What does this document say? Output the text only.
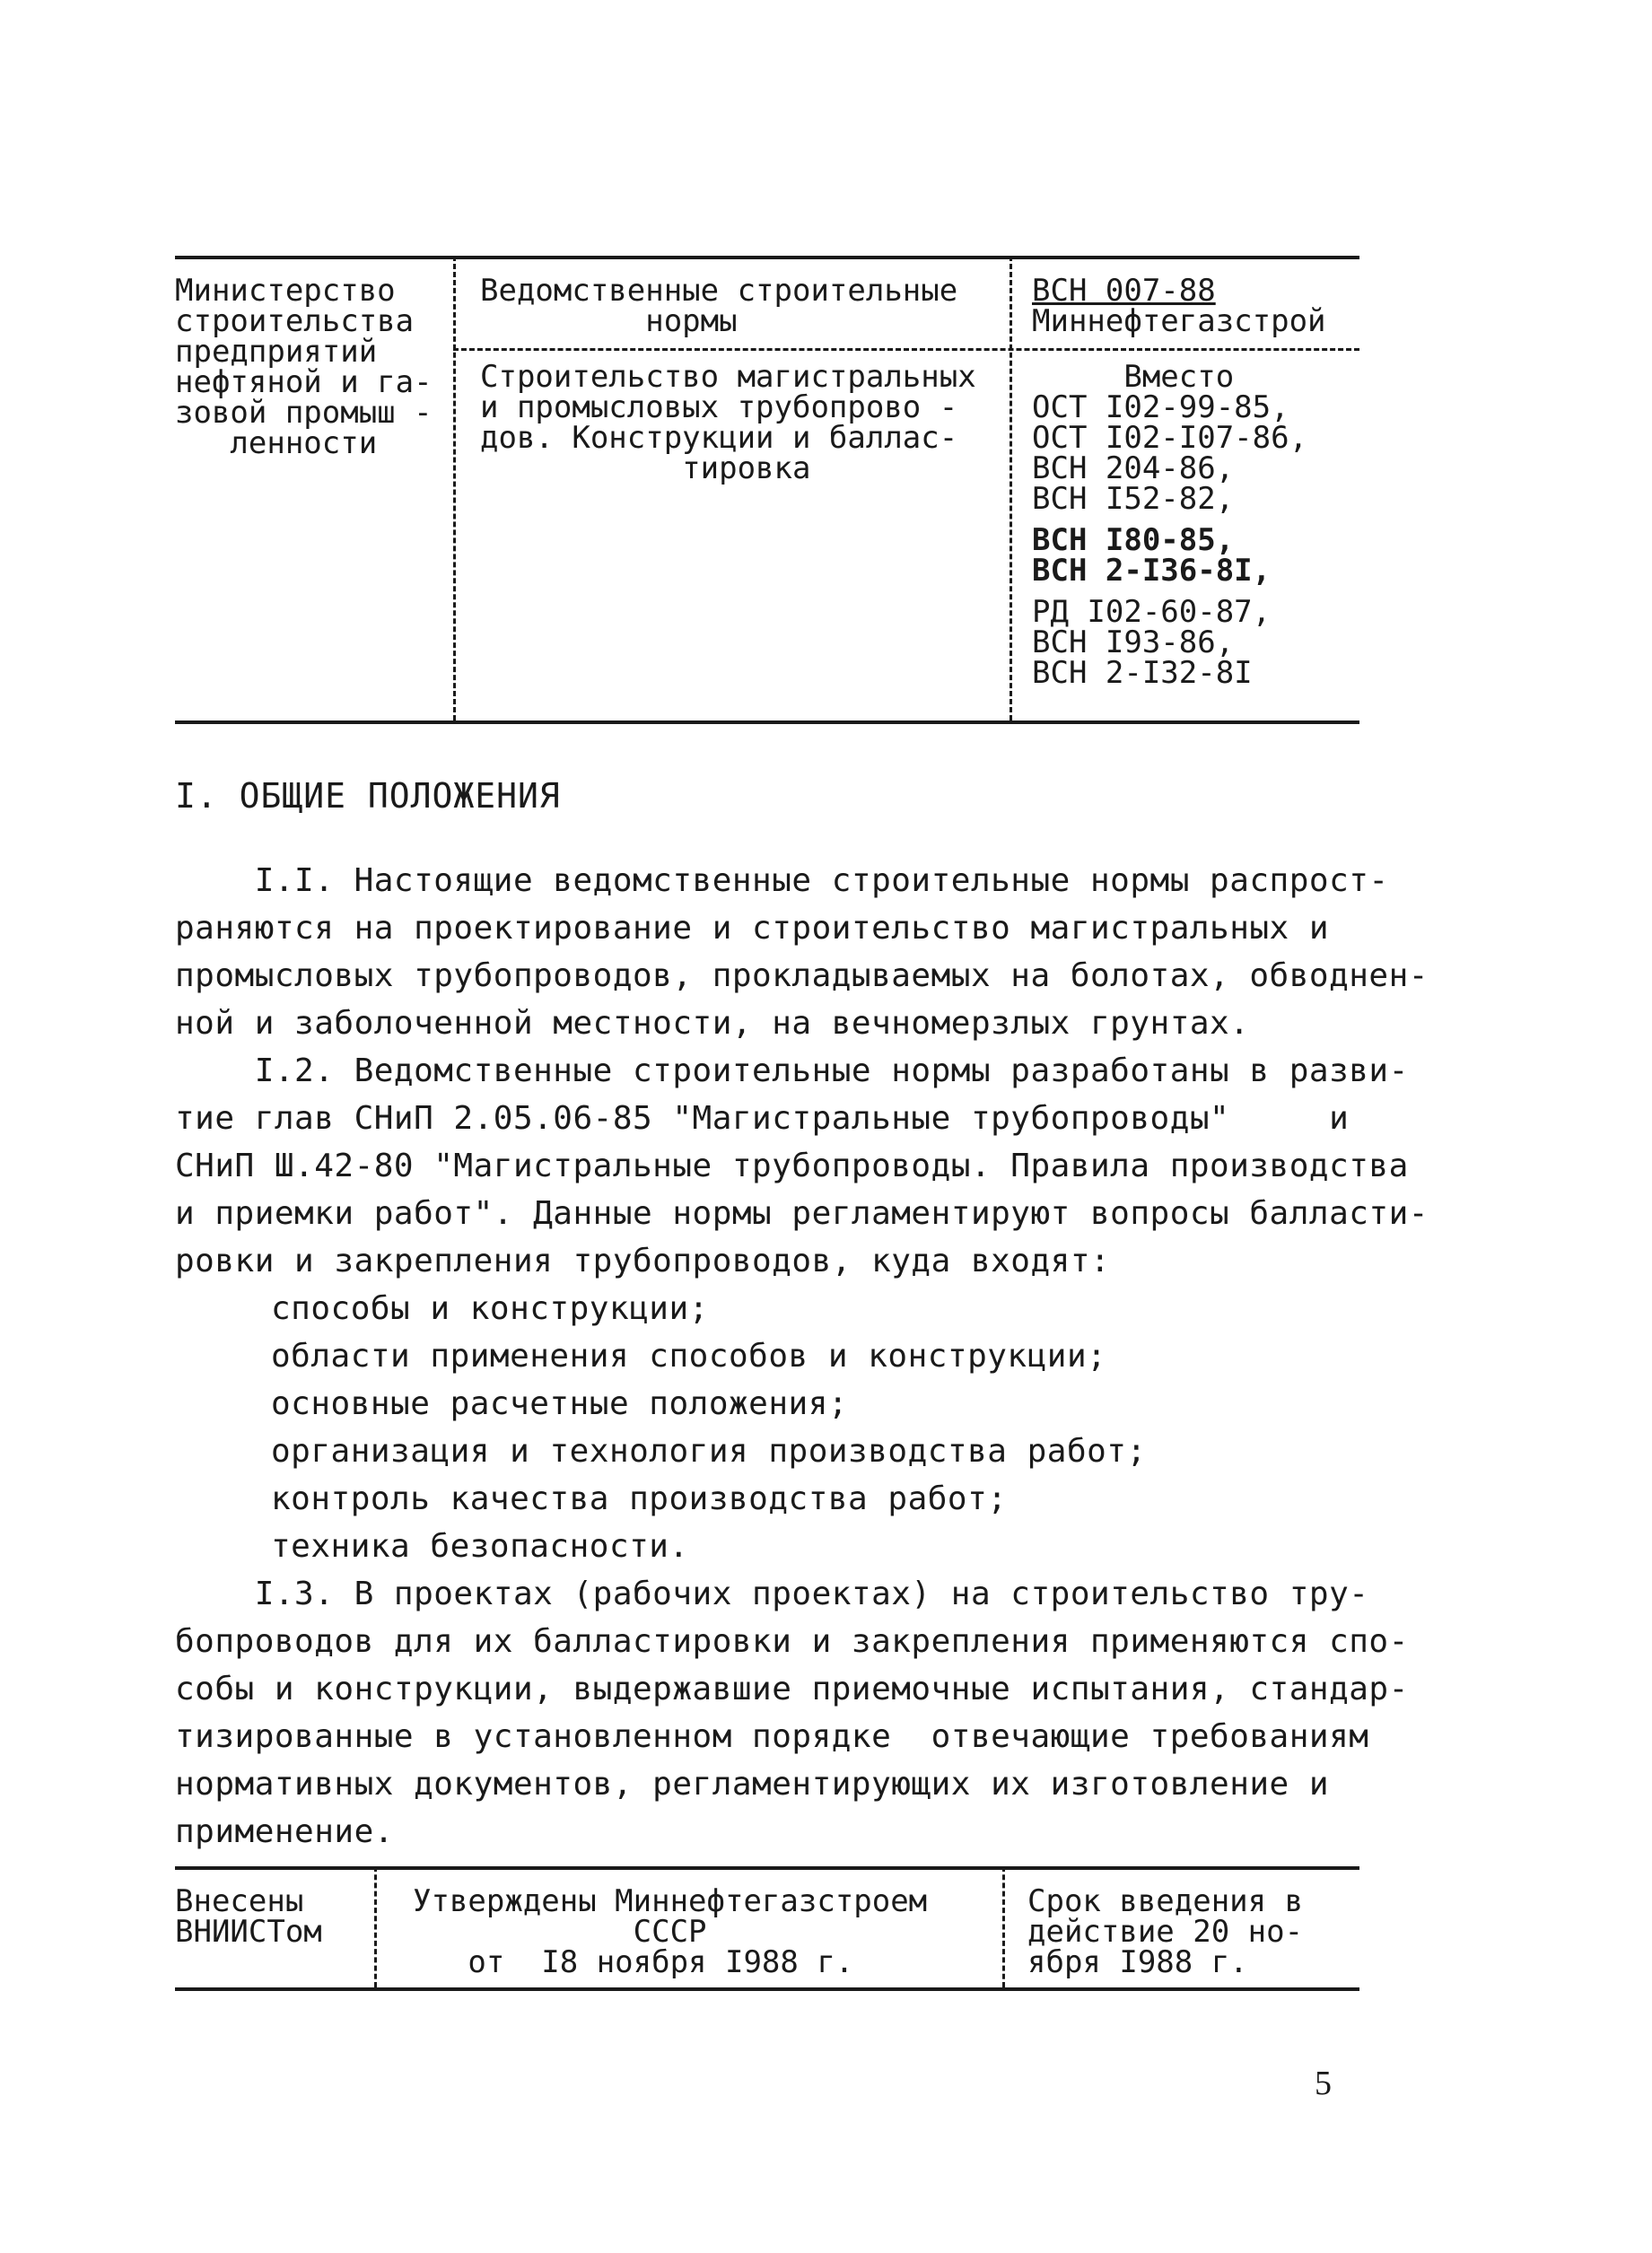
Министерство
строительства
предприятий
нефтяной и га-
зовой промыш -
ленности
Ведомственные строительные
нормы
ВСН 007-88
Миннефтегазстрой
Строительство магистральных
и промысловых трубопрово -
дов. Конструкции и баллас-
тировка
Вместо
ОСТ I02-99-85,
ОСТ I02-I07-86,
ВСН 204-86,
ВСН I52-82,
ВСН I80-85,
ВСН 2-I36-8I,
РД I02-60-87,
ВСН I93-86,
ВСН 2-I32-8I
I. ОБЩИЕ ПОЛОЖЕНИЯ
I.I. Настоящие ведомственные строительные нормы распрост-
раняются на проектирование и строительство магистральных и
промысловых трубопроводов, прокладываемых на болотах, обводнен-
ной и заболоченной местности, на вечномерзлых грунтах.
I.2. Ведомственные строительные нормы разработаны в разви-
тие глав СНиП 2.05.06-85 "Магистральные трубопроводы"     и
СНиП Ш.42-80 "Магистральные трубопроводы. Правила производства
и приемки работ". Данные нормы регламентируют вопросы балласти-
ровки и закрепления трубопроводов, куда входят:
способы и конструкции;
области применения способов и конструкции;
основные расчетные положения;
организация и технология производства работ;
контроль качества производства работ;
техника безопасности.
I.3. В проектах (рабочих проектах) на строительство тру-
бопроводов для их балластировки и закрепления применяются спо-
собы и конструкции, выдержавшие приемочные испытания, стандар-
тизированные в установленном порядке  отвечающие требованиям
нормативных документов, регламентирующих их изготовление и
применение.
Внесены
ВНИИСТом
Утверждены Миннефтегазстроем
СССР
от  I8 ноября I988 г.
Срок введения в
действие 20 но-
ября I988 г.
5
